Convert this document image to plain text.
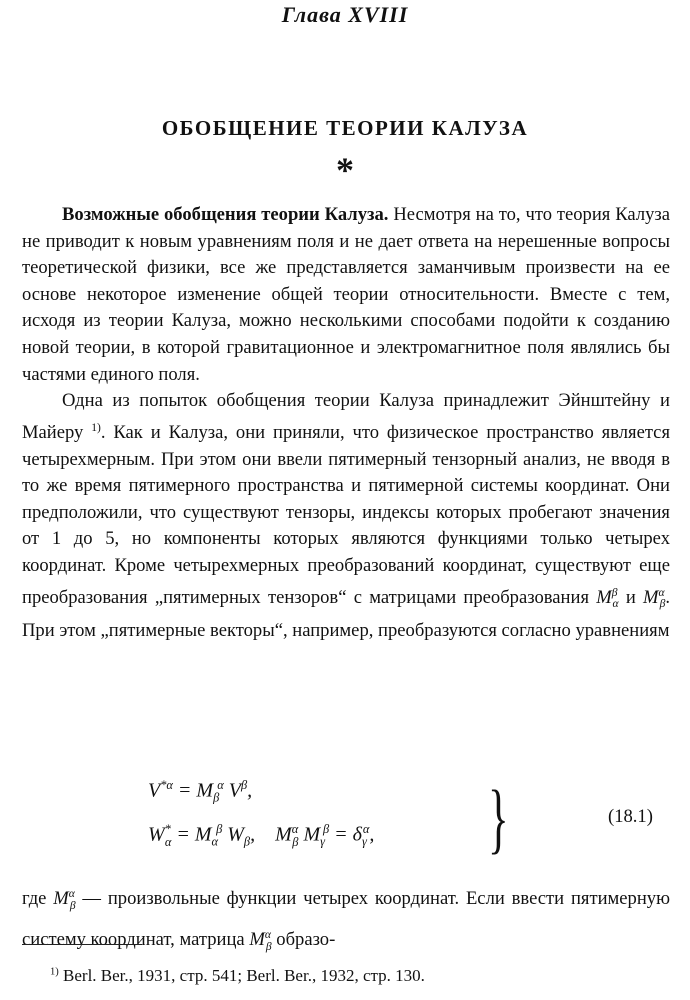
Глава XVIII
ОБОБЩЕНИЕ ТЕОРИИ КАЛУЗА
*

Возможные обобщения теории Калуза. Несмотря на то, что теория Калуза не приводит к новым уравнениям поля и не дает ответа на нерешенные вопросы теоретической физики, все же представляется заманчивым произвести на ее основе некоторое изменение общей теории относительности. Вместе с тем, исходя из теории Калуза, можно несколькими способами подойти к созданию новой теории, в которой гравитационное и электромагнитное поля являлись бы частями единого поля.

Одна из попыток обобщения теории Калуза принадлежит Эйнштейну и Майеру $^{1)}$. Как и Калуза, они приняли, что физическое пространство является четырехмерным. При этом они ввели пятимерный тензорный анализ, не вводя в то же время пятимерного пространства и пятимерной системы координат. Они предположили, что существуют тензоры, индексы которых пробегают значения от 1 до 5, но компоненты которых являются функциями только четырех координат. Кроме четырехмерных преобразований координат, существуют еще преобразования „пятимерных тензоров“ с матрицами преобразования $M^\beta_\alpha$ и $M^\alpha_\beta$. При этом „пятимерные векторы“, например, преобразуются согласно уравнениям

$V^{*\alpha} = M_\beta^\alpha$ $V^\beta$,
$W^*_\alpha = M_\alpha^\beta$ $W_\beta$,    $M^\alpha_\beta$ $M_\gamma^\beta = \delta_\gamma^\alpha$, }	(18.1)

где $M^\alpha_\beta$ — произвольные функции четырех координат. Если ввести пятимерную систему координат, матрица $M^\alpha_\beta$ образо-

$^{1)}$ Berl. Ber., 1931, стр. 541; Berl. Ber., 1932, стр. 130.
